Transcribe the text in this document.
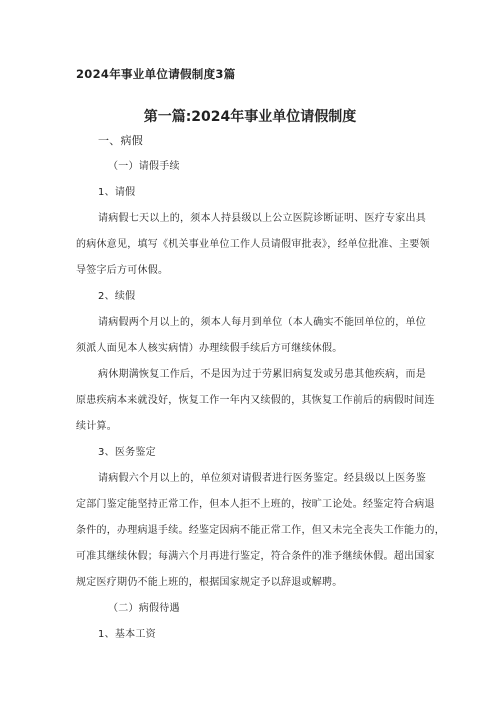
2024年事业单位请假制度3篇
第一篇:2024年事业单位请假制度
一、病假
（一）请假手续
1、请假
请病假七天以上的，须本人持县级以上公立医院诊断证明、医疗专家出具
的病休意见，填写《机关事业单位工作人员请假审批表》，经单位批准、主要领
导签字后方可休假。
2、续假
请病假两个月以上的，须本人每月到单位（本人确实不能回单位的，单位
须派人面见本人核实病情）办理续假手续后方可继续休假。
病休期满恢复工作后，不是因为过于劳累旧病复发或另患其他疾病，而是
原患疾病本来就没好，恢复工作一年内又续假的，其恢复工作前后的病假时间连
续计算。
3、医务鉴定
请病假六个月以上的，单位须对请假者进行医务鉴定。经县级以上医务鉴
定部门鉴定能坚持正常工作，但本人拒不上班的，按旷工论处。经鉴定符合病退
条件的，办理病退手续。经鉴定因病不能正常工作，但又未完全丧失工作能力的，
可准其继续休假；每满六个月再进行鉴定，符合条件的准予继续休假。超出国家
规定医疗期仍不能上班的，根据国家规定予以辞退或解聘。
（二）病假待遇
1、基本工资
